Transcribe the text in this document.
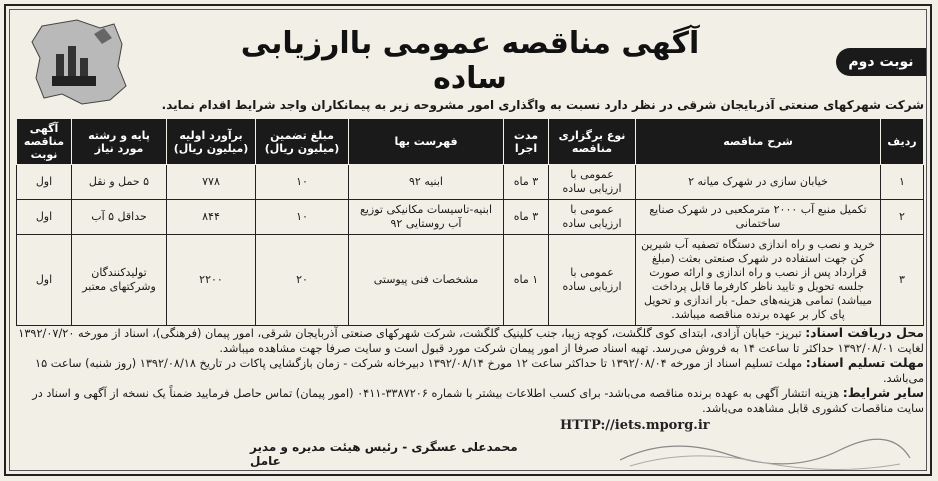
نوبت دوم
آگهی مناقصه عمومی باارزیابی ساده
شرکت شهرکهای صنعتی آذربایجان شرقی در نظر دارد نسبت به واگذاری امور مشروحه زیر به پیمانکاران واجد شرایط اقدام نماید.
ردیف	شرح مناقصه	نوع برگزاری مناقصه	مدت اجرا	فهرست بها	مبلغ تضمین (میلیون ریال)	برآورد اولیه (میلیون ریال)	پایه و رشته مورد نیاز	آگهی مناقصه نوبت
۱	خیابان سازی در شهرک میانه ۲	عمومی با ارزیابی ساده	۳ ماه	ابنیه ۹۲	۱۰	۷۷۸	۵ حمل و نقل	اول
۲	تکمیل منبع آب ۲۰۰۰ مترمکعبی در شهرک صنایع ساختمانی	عمومی با ارزیابی ساده	۳ ماه	ابنیه-تاسیسات مکانیکی توزیع آب روستایی ۹۲	۱۰	۸۴۴	حداقل ۵ آب	اول
۳	خرید و نصب و راه اندازی دستگاه تصفیه آب شیرین کن جهت استفاده در شهرک صنعتی بعثت (مبلغ قرارداد پس از نصب و راه اندازی و ارائه صورت جلسه تحویل و تایید ناظر کارفرما قابل پرداخت میباشد) تمامی هزینه‌های حمل- بار اندازی و تحویل پای کار بر عهده برنده مناقصه میباشد.	عمومی با ارزیابی ساده	۱ ماه	مشخصات فنی پیوستی	۲۰	۲۲۰۰	تولیدکنندگان وشرکتهای معتبر	اول

محل دریافت اسناد: تبریز- خیابان آزادی، ابتدای کوی گلگشت، کوچه زیبا، جنب کلینیک گلگشت، شرکت شهرکهای صنعتی آذربایجان شرقی، امور پیمان (فرهنگی)، اسناد از مورخه ۱۳۹۲/۰۷/۲۰ لغایت ۱۳۹۲/۰۸/۰۱ حداکثر تا ساعت ۱۴ به فروش می‌رسد. تهیه اسناد صرفا از امور پیمان شرکت مورد قبول است و سایت صرفا جهت مشاهده میباشد.

مهلت تسلیم اسناد: مهلت تسلیم اسناد از مورخه ۱۳۹۲/۰۸/۰۴ تا حداکثر ساعت ۱۲ مورخ ۱۳۹۲/۰۸/۱۴ دبیرخانه شرکت - زمان بازگشایی پاکات در تاریخ ۱۳۹۲/۰۸/۱۸ (روز شنبه) ساعت ۱۵ می‌باشد.

سایر شرایط: هزینه انتشار آگهی به عهده برنده مناقصه می‌باشد- برای کسب اطلاعات بیشتر با شماره ۳۳۸۷۲۰۶-۰۴۱۱ (امور پیمان) تماس حاصل فرمایید ضمناً یک نسخه از آگهی و اسناد در سایت مناقصات کشوری قابل مشاهده می‌باشد.

HTTP://iets.mporg.ir
محمدعلی عسگری - رئیس هیئت مدیره و مدیر عامل
